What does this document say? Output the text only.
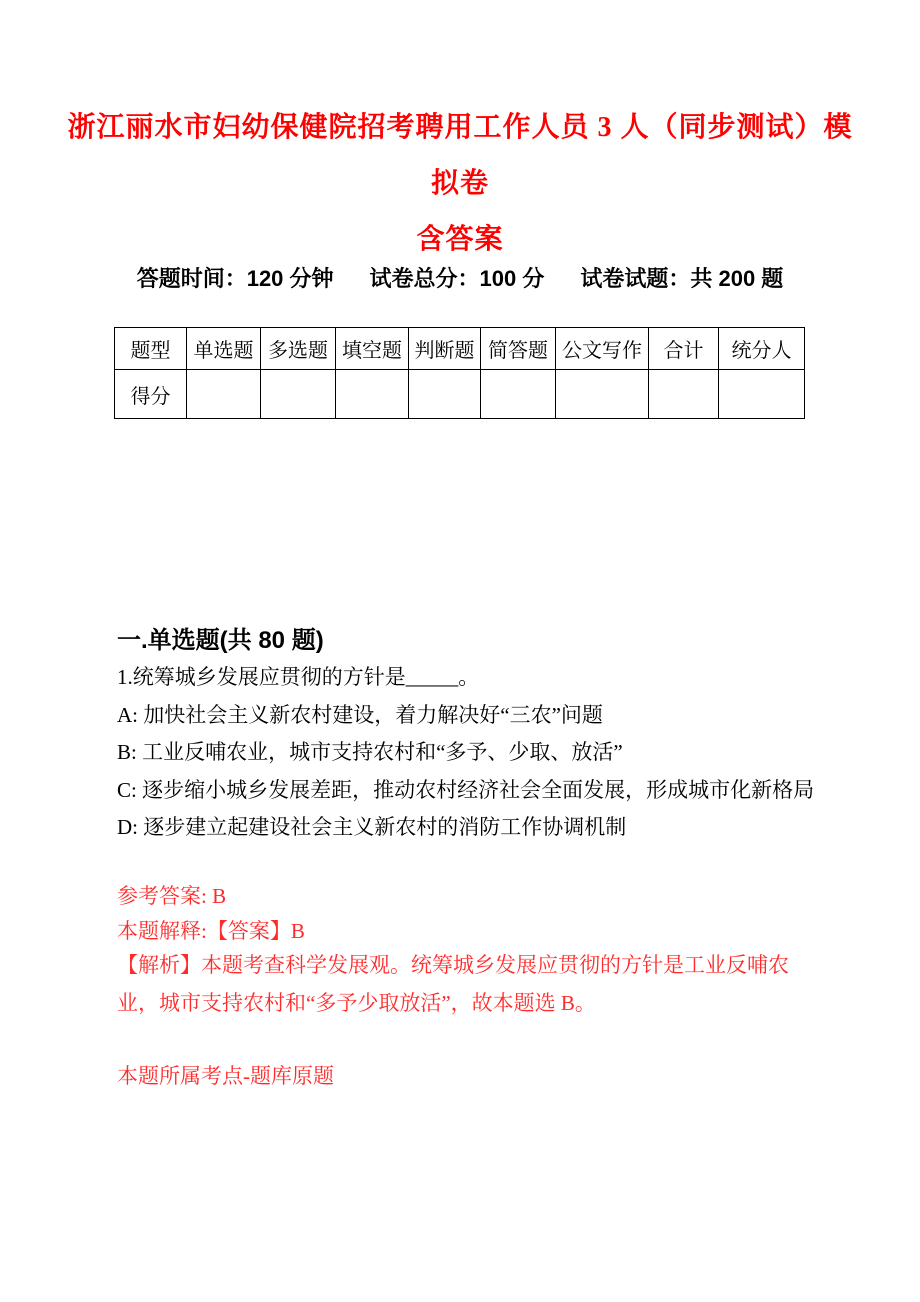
浙江丽水市妇幼保健院招考聘用工作人员 3 人（同步测试）模拟卷
含答案
答题时间：120 分钟 试卷总分：100 分 试卷试题：共 200 题
题型	单选题	多选题	填空题	判断题	简答题	公文写作	合计	统分人
得分								
一.单选题(共 80 题)
1.统筹城乡发展应贯彻的方针是_____。
A: 加快社会主义新农村建设，着力解决好“三农”问题
B: 工业反哺农业，城市支持农村和“多予、少取、放活”
C: 逐步缩小城乡发展差距，推动农村经济社会全面发展，形成城市化新格局
D: 逐步建立起建设社会主义新农村的消防工作协调机制
参考答案: B
本题解释:【答案】B
【解析】本题考查科学发展观。统筹城乡发展应贯彻的方针是工业反哺农业，城市支持农村和“多予少取放活”，故本题选 B。
本题所属考点-题库原题
